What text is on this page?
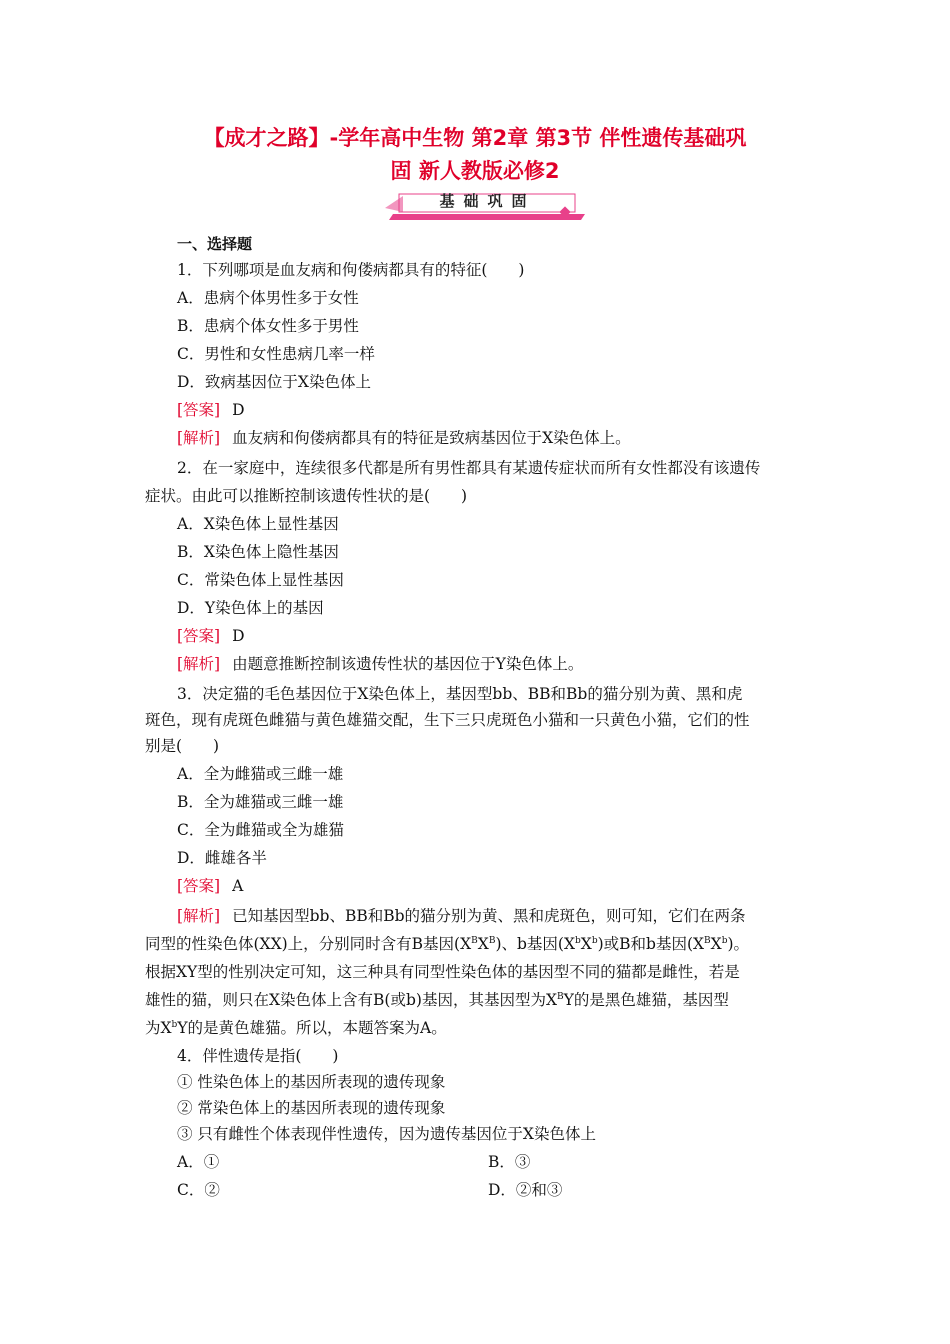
【成才之路】-学年高中生物 第2章 第3节 伴性遗传基础巩
固 新人教版必修2
基础巩固
一、选择题
1．下列哪项是血友病和佝偻病都具有的特征(　　)
A．患病个体男性多于女性
B．患病个体女性多于男性
C．男性和女性患病几率一样
D．致病基因位于X染色体上
[答案] D
[解析] 血友病和佝偻病都具有的特征是致病基因位于X染色体上。
2．在一家庭中，连续很多代都是所有男性都具有某遗传症状而所有女性都没有该遗传
症状。由此可以推断控制该遗传性状的是(　　)
A．X染色体上显性基因
B．X染色体上隐性基因
C．常染色体上显性基因
D．Y染色体上的基因
[答案] D
[解析] 由题意推断控制该遗传性状的基因位于Y染色体上。
3．决定猫的毛色基因位于X染色体上，基因型bb、BB和Bb的猫分别为黄、黑和虎
斑色，现有虎斑色雌猫与黄色雄猫交配，生下三只虎斑色小猫和一只黄色小猫，它们的性
别是(　　)
A．全为雌猫或三雌一雄
B．全为雄猫或三雌一雄
C．全为雌猫或全为雄猫
D．雌雄各半
[答案] A
[解析] 已知基因型bb、BB和Bb的猫分别为黄、黑和虎斑色，则可知，它们在两条
同型的性染色体(XX)上，分别同时含有B基因$(X^BX^B)$、b基因$(X^bX^b)$或B和b基因$(X^BX^b)$。
根据XY型的性别决定可知，这三种具有同型性染色体的基因型不同的猫都是雌性，若是
雄性的猫，则只在X染色体上含有B(或b)基因，其基因型为$X^BY$的是黑色雄猫，基因型
为$X^bY$的是黄色雄猫。所以，本题答案为A。
4．伴性遗传是指(　　)
① 性染色体上的基因所表现的遗传现象
② 常染色体上的基因所表现的遗传现象
③ 只有雌性个体表现伴性遗传，因为遗传基因位于X染色体上
A．①	B．③
C．②	D．②和③
